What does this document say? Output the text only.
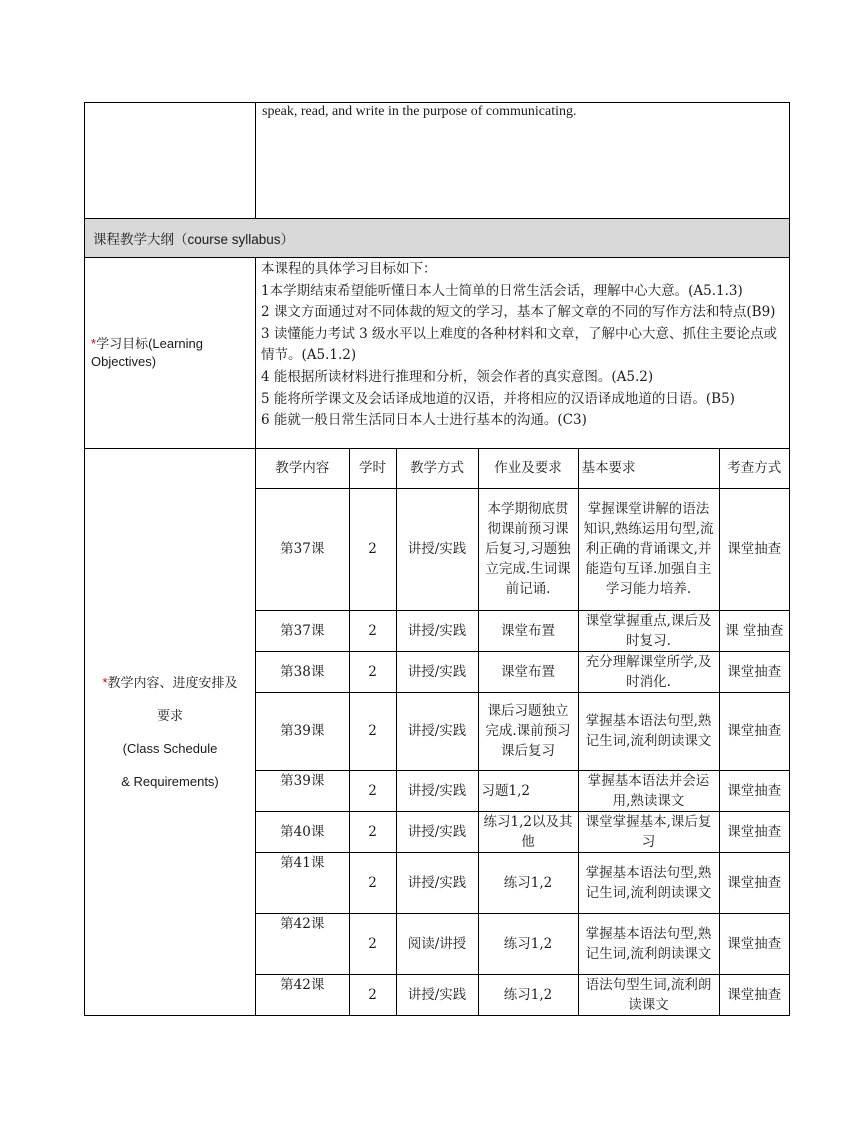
speak, read, and write in the purpose of communicating.

课程教学大纲（course syllabus）
*学习目标(Learning Objectives)	
本课程的具体学习目标如下：
1本学期结束希望能听懂日本人士简单的日常生活会话，理解中心大意。(A5.1.3)
2 课文方面通过对不同体裁的短文的学习，基本了解文章的不同的写作方法和特点(B9)
3 读懂能力考试 3 级水平以上难度的各种材料和文章，了解中心大意、抓住主要论点或情节。(A5.1.2)
4 能根据所读材料进行推理和分析，领会作者的真实意图。(A5.2)
5 能将所学课文及会话译成地道的汉语，并将相应的汉语译成地道的日语。(B5)
6 能就一般日常生活同日本人士进行基本的沟通。(C3)

*教学内容、进度安排及
要求
(Class Schedule
& Requirements)

教学内容	学时	教学方式	作业及要求	基本要求	考查方式
第37课	2	讲授/实践	本学期彻底贯彻课前预习课后复习,习题独立完成.生词课前记诵.	掌握课堂讲解的语法知识,熟练运用句型,流利正确的背诵课文,并能造句互译.加强自主学习能力培养.	课堂抽查
第37课	2	讲授/实践	课堂布置	课堂掌握重点,课后及时复习.	课 堂抽查
第38课	2	讲授/实践	课堂布置	充分理解课堂所学,及时消化.	课堂抽查
第39课	2	讲授/实践	课后习题独立完成.课前预习课后复习	掌握基本语法句型,熟记生词,流利朗读课文	课堂抽查
第39课	2	讲授/实践	习题1,2	掌握基本语法并会运用,熟读课文	课堂抽查
第40课	2	讲授/实践	练习1,2以及其他	课堂掌握基本,课后复习	课堂抽查
第41课	2	讲授/实践	练习1,2	掌握基本语法句型,熟记生词,流利朗读课文	课堂抽查
第42课	2	阅读/讲授	练习1,2	掌握基本语法句型,熟记生词,流利朗读课文	课堂抽查
第42课	2	讲授/实践	练习1,2	语法句型生词,流利朗读课文	课堂抽查
